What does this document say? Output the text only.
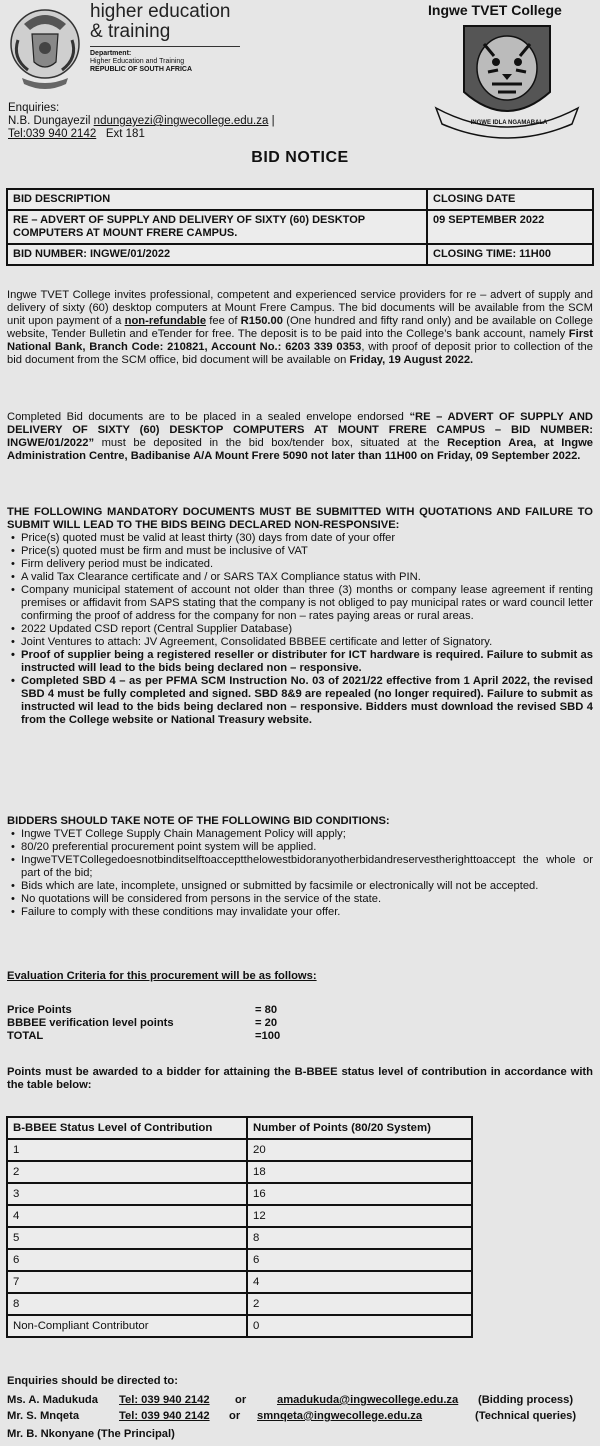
higher education
& training
Department:
Higher Education and Training
REPUBLIC OF SOUTH AFRICA
Ingwe TVET College
INGWE IDLA NGAMABALA
Enquiries:
N.B. Dungayezil ndungayezi@ingwecollege.edu.za |
Tel:039 940 2142 Ext 181
BID NOTICE
BID DESCRIPTION	CLOSING DATE
RE – ADVERT OF SUPPLY AND DELIVERY OF SIXTY (60) DESKTOP COMPUTERS AT MOUNT FRERE CAMPUS.	09 SEPTEMBER 2022
BID NUMBER: INGWE/01/2022	CLOSING TIME: 11H00

Ingwe TVET College invites professional, competent and experienced service providers for re – advert of supply and delivery of sixty (60) desktop computers at Mount Frere Campus. The bid documents will be available from the SCM unit upon payment of a non-refundable fee of R150.00 (One hundred and fifty rand only) and be available on College website, Tender Bulletin and eTender for free. The deposit is to be paid into the College’s bank account, namely First National Bank, Branch Code: 210821, Account No.: 6203 339 0353, with proof of deposit prior to collection of the bid document from the SCM office, bid document will be available on Friday, 19 August 2022.

Completed Bid documents are to be placed in a sealed envelope endorsed “RE – ADVERT OF SUPPLY AND DELIVERY OF SIXTY (60) DESKTOP COMPUTERS AT MOUNT FRERE CAMPUS – BID NUMBER: INGWE/01/2022” must be deposited in the bid box/tender box, situated at the Reception Area, at Ingwe Administration Centre, Badibanise A/A Mount Frere 5090 not later than 11H00 on Friday, 09 September 2022.

THE FOLLOWING MANDATORY DOCUMENTS MUST BE SUBMITTED WITH QUOTATIONS AND FAILURE TO SUBMIT WILL LEAD TO THE BIDS BEING DECLARED NON-RESPONSIVE:

• Price(s) quoted must be valid at least thirty (30) days from date of your offer
• Price(s) quoted must be firm and must be inclusive of VAT
• Firm delivery period must be indicated.
• A valid Tax Clearance certificate and / or SARS TAX Compliance status with PIN.
• Company municipal statement of account not older than three (3) months or company lease agreement if renting premises or affidavit from SAPS stating that the company is not obliged to pay municipal rates or ward council letter confirming the proof of address for the company for non – rates paying areas or rural areas.
• 2022 Updated CSD report (Central Supplier Database)
• Joint Ventures to attach: JV Agreement, Consolidated BBBEE certificate and letter of Signatory.
• Proof of supplier being a registered reseller or distributer for ICT hardware is required. Failure to submit as instructed will lead to the bids being declared non – responsive.
• Completed SBD 4 – as per PFMA SCM Instruction No. 03 of 2021/22 effective from 1 April 2022, the revised SBD 4 must be fully completed and signed. SBD 8&9 are repealed (no longer required). Failure to submit as instructed wil lead to the bids being declared non – responsive. Bidders must download the revised SBD 4 from the College website or National Treasury website.

BIDDERS SHOULD TAKE NOTE OF THE FOLLOWING BID CONDITIONS:

• Ingwe TVET College Supply Chain Management Policy will apply;
• 80/20 preferential procurement point system will be applied.
• IngweTVETCollegedoesnotbinditselftoacceptthelowestbidoranyotherbidandreservestherighttoaccept the whole or part of the bid;
• Bids which are late, incomplete, unsigned or submitted by facsimile or electronically will not be accepted.
• No quotations will be considered from persons in the service of the state.
• Failure to comply with these conditions may invalidate your offer.
Evaluation Criteria for this procurement will be as follows:
Price Points	= 80
BBBEE verification level points	= 20
TOTAL	=100

Points must be awarded to a bidder for attaining the B-BBEE status level of contribution in accordance with the table below:

B-BBEE Status Level of Contribution	Number of Points (80/20 System)
1	20
2	18
3	16
4	12
5	8
6	6
7	4
8	2
Non-Compliant Contributor	0
Enquiries should be directed to:
Ms. A. Madukuda Tel: 039 940 2142 or	amadukuda@ingwecollege.edu.za (Bidding process)
Mr. S. Mnqeta	Tel: 039 940 2142 or smnqeta@ingwecollege.edu.za	(Technical queries)
Mr. B. Nkonyane (The Principal)
